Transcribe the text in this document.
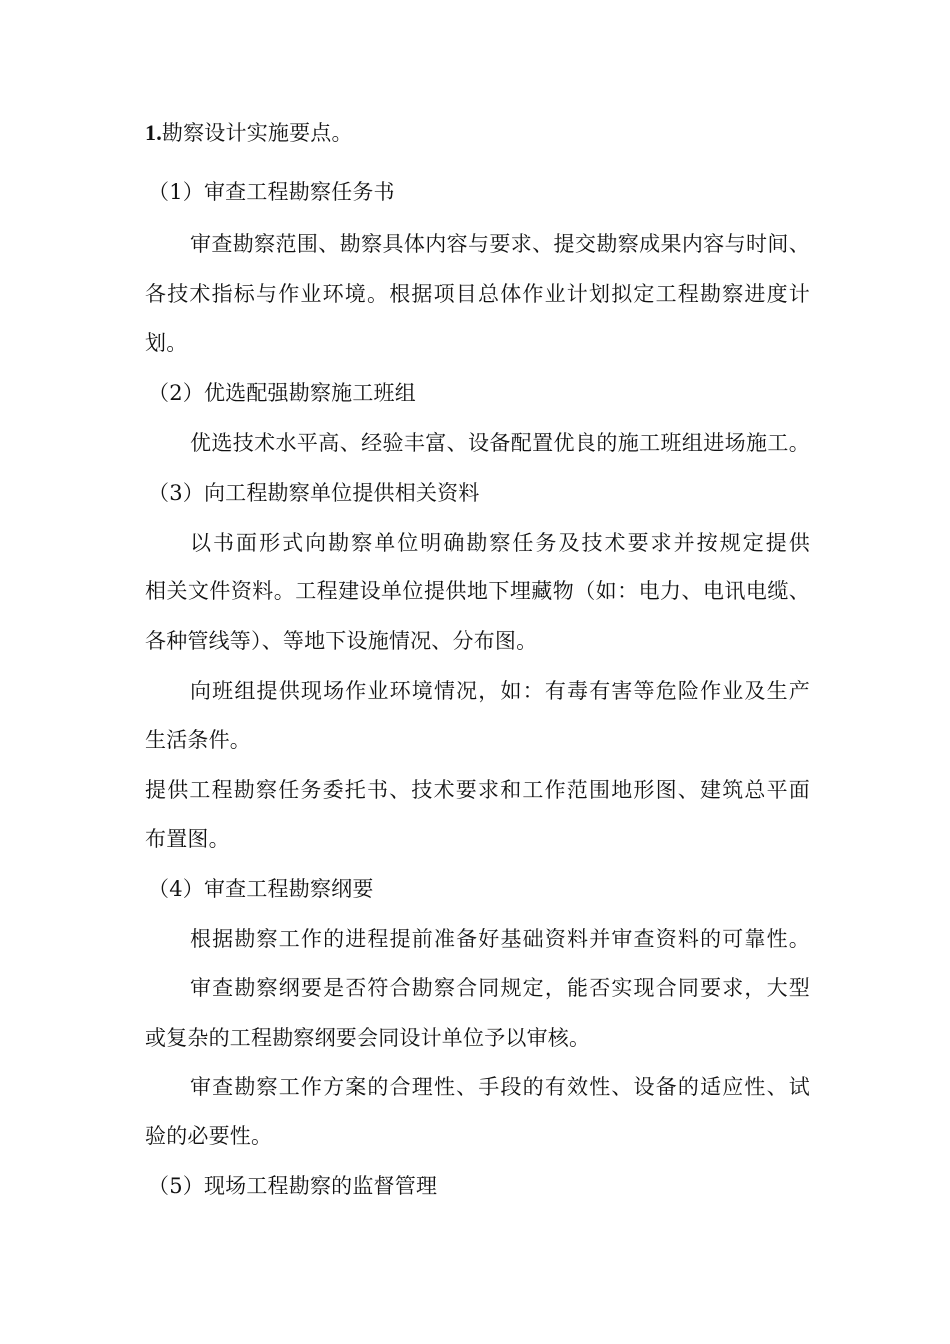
1.勘察设计实施要点。
（1）审查工程勘察任务书
审查勘察范围、勘察具体内容与要求、提交勘察成果内容与时间、
各技术指标与作业环境。根据项目总体作业计划拟定工程勘察进度计
划。
（2）优选配强勘察施工班组
优选技术水平高、经验丰富、设备配置优良的施工班组进场施工。
（3）向工程勘察单位提供相关资料
以书面形式向勘察单位明确勘察任务及技术要求并按规定提供
相关文件资料。工程建设单位提供地下埋藏物（如：电力、电讯电缆、
各种管线等）、等地下设施情况、分布图。
向班组提供现场作业环境情况，如：有毒有害等危险作业及生产
生活条件。
提供工程勘察任务委托书、技术要求和工作范围地形图、建筑总平面
布置图。
（4）审查工程勘察纲要
根据勘察工作的进程提前准备好基础资料并审查资料的可靠性。
审查勘察纲要是否符合勘察合同规定，能否实现合同要求，大型
或复杂的工程勘察纲要会同设计单位予以审核。
审查勘察工作方案的合理性、手段的有效性、设备的适应性、试
验的必要性。
（5）现场工程勘察的监督管理
